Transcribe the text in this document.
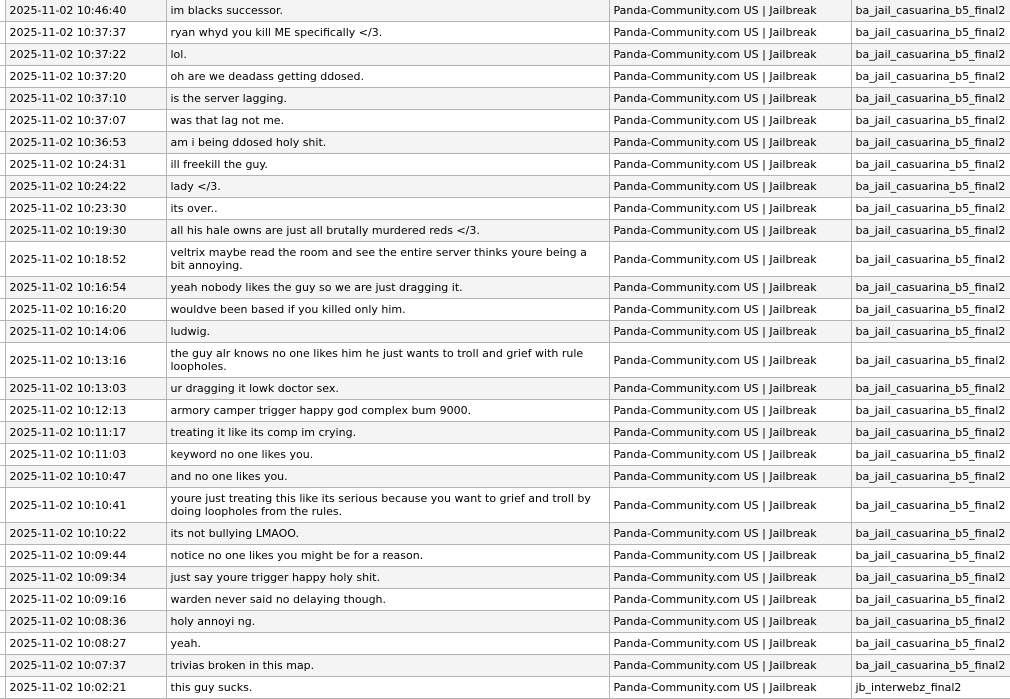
	2025-11-02 10:46:40	im blacks successor.	Panda-Community.com US | Jailbreak	ba_jail_casuarina_b5_final2
	2025-11-02 10:37:37	ryan whyd you kill ME specifically </3.	Panda-Community.com US | Jailbreak	ba_jail_casuarina_b5_final2
	2025-11-02 10:37:22	lol.	Panda-Community.com US | Jailbreak	ba_jail_casuarina_b5_final2
	2025-11-02 10:37:20	oh are we deadass getting ddosed.	Panda-Community.com US | Jailbreak	ba_jail_casuarina_b5_final2
	2025-11-02 10:37:10	is the server lagging.	Panda-Community.com US | Jailbreak	ba_jail_casuarina_b5_final2
	2025-11-02 10:37:07	was that lag not me.	Panda-Community.com US | Jailbreak	ba_jail_casuarina_b5_final2
	2025-11-02 10:36:53	am i being ddosed holy shit.	Panda-Community.com US | Jailbreak	ba_jail_casuarina_b5_final2
	2025-11-02 10:24:31	ill freekill the guy.	Panda-Community.com US | Jailbreak	ba_jail_casuarina_b5_final2
	2025-11-02 10:24:22	lady </3.	Panda-Community.com US | Jailbreak	ba_jail_casuarina_b5_final2
	2025-11-02 10:23:30	its over..	Panda-Community.com US | Jailbreak	ba_jail_casuarina_b5_final2
	2025-11-02 10:19:30	all his hale owns are just all brutally murdered reds </3.	Panda-Community.com US | Jailbreak	ba_jail_casuarina_b5_final2
	2025-11-02 10:18:52	veltrix maybe read the room and see the entire server thinks youre being a bit annoying.	Panda-Community.com US | Jailbreak	ba_jail_casuarina_b5_final2
	2025-11-02 10:16:54	yeah nobody likes the guy so we are just dragging it.	Panda-Community.com US | Jailbreak	ba_jail_casuarina_b5_final2
	2025-11-02 10:16:20	wouldve been based if you killed only him.	Panda-Community.com US | Jailbreak	ba_jail_casuarina_b5_final2
	2025-11-02 10:14:06	ludwig.	Panda-Community.com US | Jailbreak	ba_jail_casuarina_b5_final2
	2025-11-02 10:13:16	the guy alr knows no one likes him he just wants to troll and grief with rule loopholes.	Panda-Community.com US | Jailbreak	ba_jail_casuarina_b5_final2
	2025-11-02 10:13:03	ur dragging it lowk doctor sex.	Panda-Community.com US | Jailbreak	ba_jail_casuarina_b5_final2
	2025-11-02 10:12:13	armory camper trigger happy god complex bum 9000.	Panda-Community.com US | Jailbreak	ba_jail_casuarina_b5_final2
	2025-11-02 10:11:17	treating it like its comp im crying.	Panda-Community.com US | Jailbreak	ba_jail_casuarina_b5_final2
	2025-11-02 10:11:03	keyword no one likes you.	Panda-Community.com US | Jailbreak	ba_jail_casuarina_b5_final2
	2025-11-02 10:10:47	and no one likes you.	Panda-Community.com US | Jailbreak	ba_jail_casuarina_b5_final2
	2025-11-02 10:10:41	youre just treating this like its serious because you want to grief and troll by doing loopholes from the rules.	Panda-Community.com US | Jailbreak	ba_jail_casuarina_b5_final2
	2025-11-02 10:10:22	its not bullying LMAOO.	Panda-Community.com US | Jailbreak	ba_jail_casuarina_b5_final2
	2025-11-02 10:09:44	notice no one likes you might be for a reason.	Panda-Community.com US | Jailbreak	ba_jail_casuarina_b5_final2
	2025-11-02 10:09:34	just say youre trigger happy holy shit.	Panda-Community.com US | Jailbreak	ba_jail_casuarina_b5_final2
	2025-11-02 10:09:16	warden never said no delaying though.	Panda-Community.com US | Jailbreak	ba_jail_casuarina_b5_final2
	2025-11-02 10:08:36	holy annoyi ng.	Panda-Community.com US | Jailbreak	ba_jail_casuarina_b5_final2
	2025-11-02 10:08:27	yeah.	Panda-Community.com US | Jailbreak	ba_jail_casuarina_b5_final2
	2025-11-02 10:07:37	trivias broken in this map.	Panda-Community.com US | Jailbreak	ba_jail_casuarina_b5_final2
	2025-11-02 10:02:21	this guy sucks.	Panda-Community.com US | Jailbreak	jb_interwebz_final2
